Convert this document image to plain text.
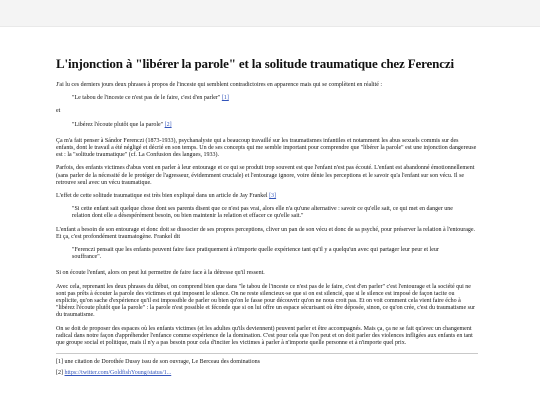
L'injonction à "libérer la parole" et la solitude traumatique chez Ferenczi

J'ai lu ces derniers jours deux phrases à propos de l'inceste qui semblent contradictoires en apparence mais qui se complètent en réalité :

"Le tabou de l'inceste ce n'est pas de le faire, c'est d'en parler" [1]

et

"Libérez l'écoute plutôt que la parole" [2]

Ça m'a fait penser à Sándor Ferenczi (1873-1933), psychanalyste qui a beaucoup travaillé sur les traumatismes infantiles et notamment les abus sexuels commis sur des enfants, dont le travail a été négligé et décrié en son temps. Un de ses concepts qui me semble important pour comprendre que "libérer la parole" est une injonction dangereuse est : la "solitude traumatique" (cf. La Confusion des langues, 1933).

Parfois, des enfants victimes d'abus vont en parler à leur entourage et ce qui se produit trop souvent est que l'enfant n'est pas écouté. L'enfant est abandonné émotionnellement (sans parler de la nécessité de le protéger de l'agresseur, évidemment cruciale) et l'entourage ignore, voire dénie les perceptions et le savoir qu'a l'enfant sur son vécu. Il se retrouve seul avec un vécu traumatique.

L'effet de cette solitude traumatique est très bien expliqué dans un article de Jay Frankel [3]

"Si cette enfant sait quelque chose dont ses parents disent que ce n'est pas vrai, alors elle n'a qu'une alternative : savoir ce qu'elle sait, ce qui met en danger une relation dont elle a désespérément besoin, ou bien maintenir la relation et effacer ce qu'elle sait."

L'enfant a besoin de son entourage et donc doit se dissocier de ses propres perceptions, cliver un pan de son vécu et donc de sa psyché, pour préserver la relation à l'entourage. Et ça, c'est profondément traumatogène. Frankel dit

"Ferenczi pensait que les enfants peuvent faire face pratiquement à n'importe quelle expérience tant qu'il y a quelqu'un avec qui partager leur peur et leur souffrance".

Si on écoute l'enfant, alors on peut lui permettre de faire face à la détresse qu'il ressent.

Avec cela, reprenant les deux phrases du début, on comprend bien que dans "le tabou de l'inceste ce n'est pas de le faire, c'est d'en parler" c'est l'entourage et la société qui ne sont pas prêts à écouter la parole des victimes et qui imposent le silence. On ne reste silencieux·se que si on est silencié, que si le silence est imposé de façon tacite ou explicite, qu'on sache d'expérience qu'il est impossible de parler ou bien qu'on le fasse pour découvrir qu'on ne nous croit pas. Et on voit comment cela vient faire écho à "libérez l'écoute plutôt que la parole" : la parole n'est possible et féconde que si on lui offre un espace sécurisant où être déposée, sinon, ce qu'on crée, c'est du traumatisme sur du traumatisme.

On se doit de proposer des espaces où les enfants victimes (et les adultes qu'ils deviennent) peuvent parler et être accompagnés. Mais ça, ça ne se fait qu'avec un changement radical dans notre façon d'appréhender l'enfance comme expérience de la domination. C'est pour cela que l'on peut et on doit parler des violences infligées aux enfants en tant que groupe social et politique, mais il n'y a pas besoin pour cela d'inciter les victimes à parler à n'importe quelle personne et à n'importe quel prix.

[1] une citation de Dorothée Dussy issu de son ouvrage, Le Berceau des dominations

[2] https://twitter.com/GoldfishYoung/status/1...
